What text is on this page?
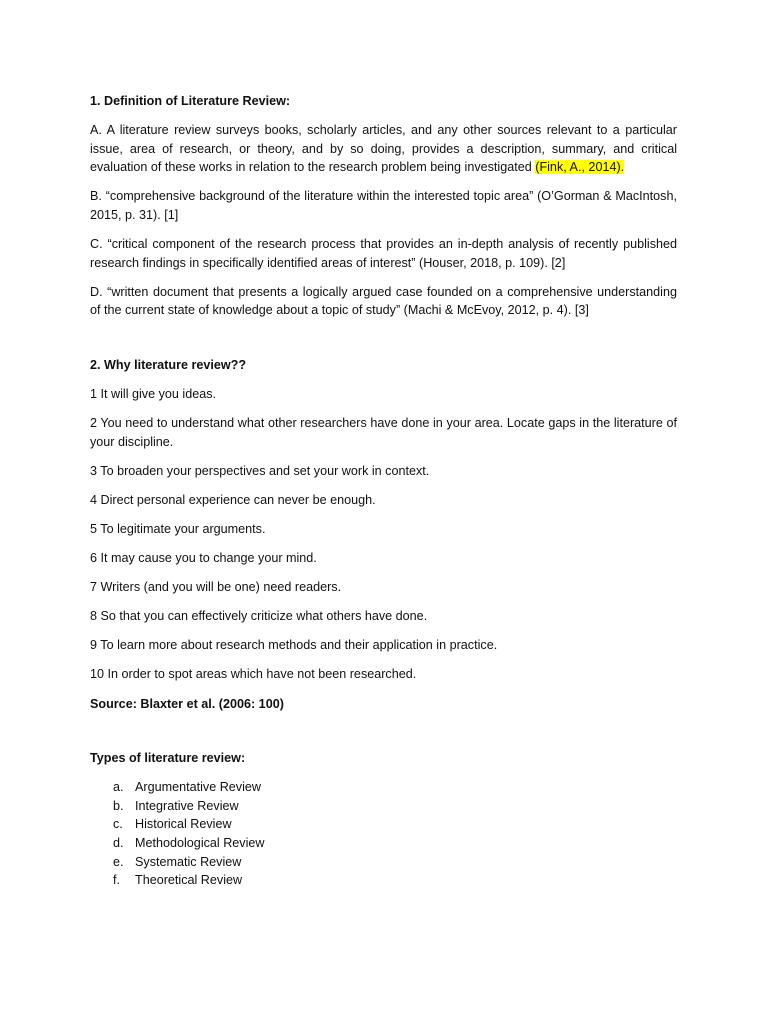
1. Definition of Literature Review:

A. A literature review surveys books, scholarly articles, and any other sources relevant to a particular issue, area of research, or theory, and by so doing, provides a description, summary, and critical evaluation of these works in relation to the research problem being investigated (Fink, A., 2014).

B. “comprehensive background of the literature within the interested topic area” (O’Gorman & MacIntosh, 2015, p. 31). [1]

C. “critical component of the research process that provides an in-depth analysis of recently published research findings in specifically identified areas of interest” (Houser, 2018, p. 109). [2]

D. “written document that presents a logically argued case founded on a comprehensive understanding of the current state of knowledge about a topic of study” (Machi & McEvoy, 2012, p. 4). [3]

2. Why literature review??

1 It will give you ideas.

2 You need to understand what other researchers have done in your area. Locate gaps in the literature of your discipline.

3 To broaden your perspectives and set your work in context.

4 Direct personal experience can never be enough.

5 To legitimate your arguments.

6 It may cause you to change your mind.

7 Writers (and you will be one) need readers.

8 So that you can effectively criticize what others have done.

9 To learn more about research methods and their application in practice.

10 In order to spot areas which have not been researched.

Source: Blaxter et al. (2006: 100)

Types of literature review:

a. Argumentative Review
b. Integrative Review
c. Historical Review
d. Methodological Review
e. Systematic Review
f. Theoretical Review
